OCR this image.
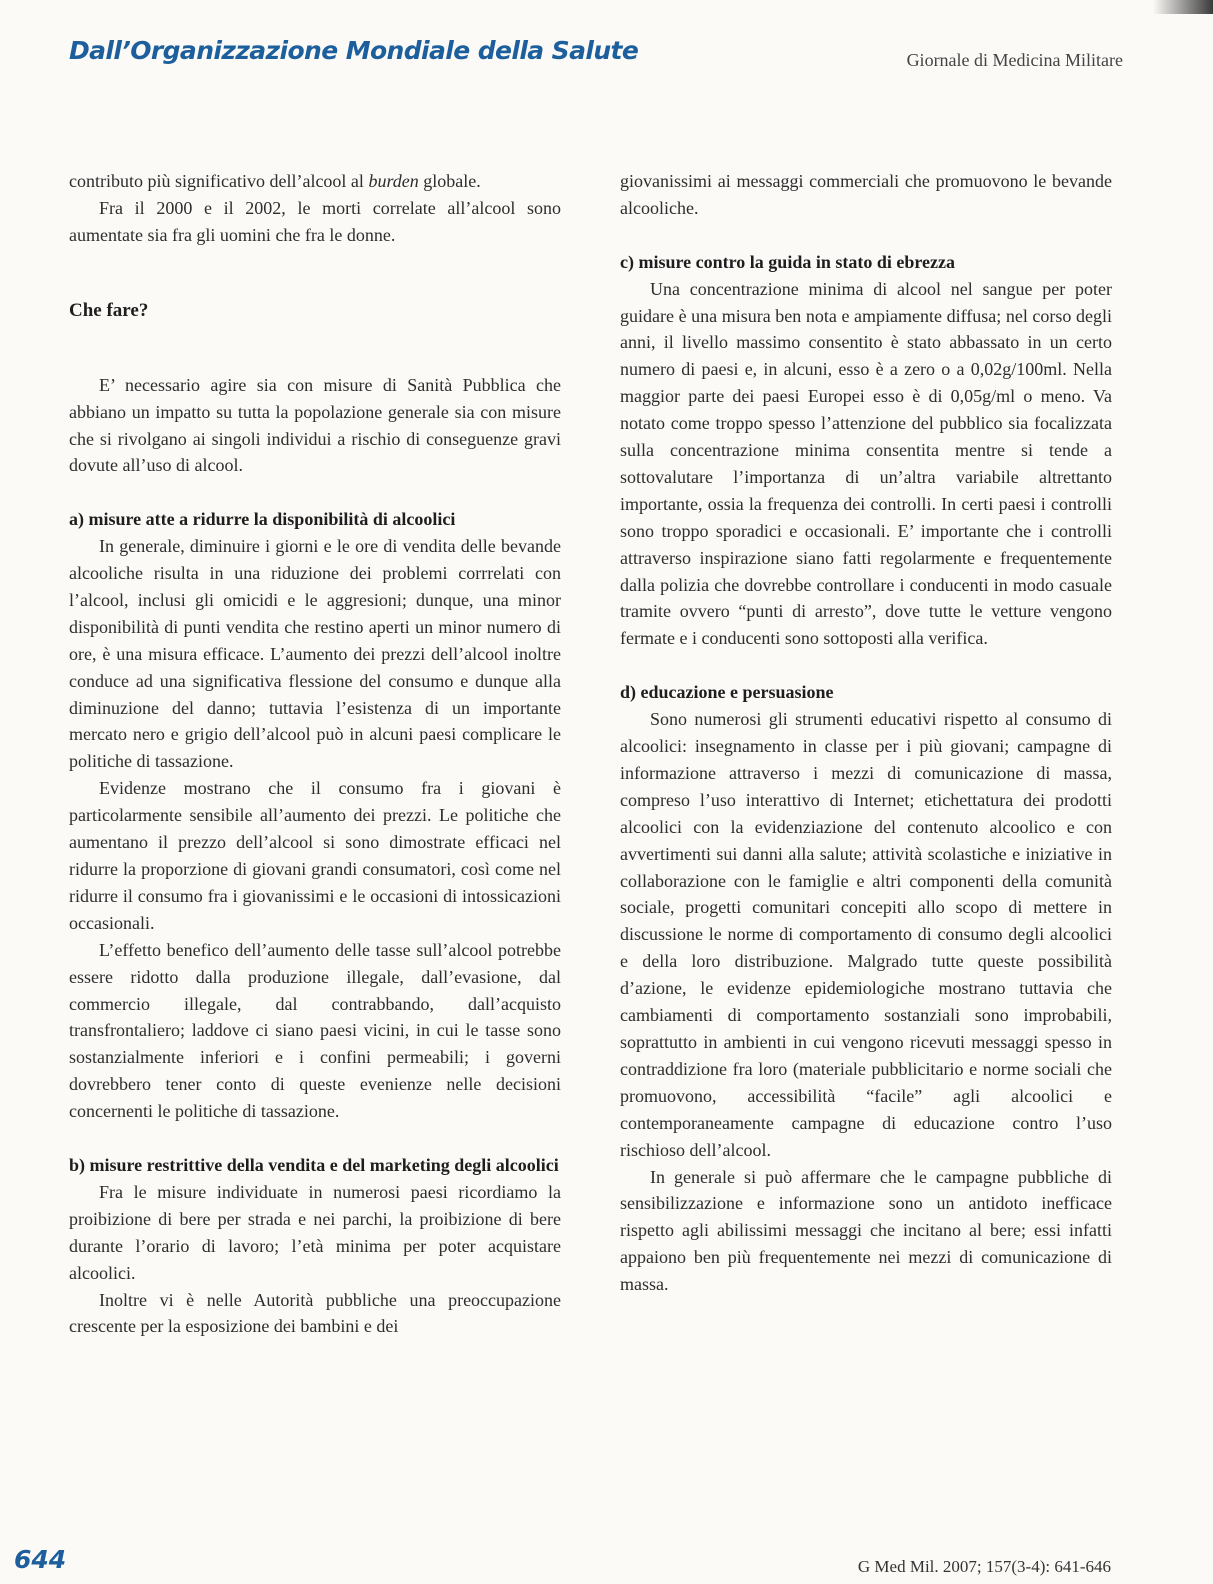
Dall’Organizzazione Mondiale della Salute	Giornale di Medicina Militare

contributo più significativo dell’alcool al burden globale.

Fra il 2000 e il 2002, le morti correlate all’alcool sono aumentate sia fra gli uomini che fra le donne.

Che fare?

E’ necessario agire sia con misure di Sanità Pubblica che abbiano un impatto su tutta la popolazione generale sia con misure che si rivolgano ai singoli individui a rischio di conseguenze gravi dovute all’uso di alcool.

a) misure atte a ridurre la disponibilità di alcoolici

In generale, diminuire i giorni e le ore di vendita delle bevande alcooliche risulta in una riduzione dei problemi corrrelati con l’alcool, inclusi gli omicidi e le aggresioni; dunque, una minor disponibilità di punti vendita che restino aperti un minor numero di ore, è una misura efficace. L’aumento dei prezzi dell’alcool inoltre conduce ad una significativa flessione del consumo e dunque alla diminuzione del danno; tuttavia l’esistenza di un importante mercato nero e grigio dell’alcool può in alcuni paesi complicare le politiche di tassazione.

Evidenze mostrano che il consumo fra i giovani è particolarmente sensibile all’aumento dei prezzi. Le politiche che aumentano il prezzo dell’alcool si sono dimostrate efficaci nel ridurre la proporzione di giovani grandi consumatori, così come nel ridurre il consumo fra i giovanissimi e le occasioni di intossicazioni occasionali.

L’effetto benefico dell’aumento delle tasse sull’alcool potrebbe essere ridotto dalla produzione illegale, dall’evasione, dal commercio illegale, dal contrabbando, dall’acquisto transfrontaliero; laddove ci siano paesi vicini, in cui le tasse sono sostanzialmente inferiori e i confini permeabili; i governi dovrebbero tener conto di queste evenienze nelle decisioni concernenti le politiche di tassazione.

b) misure restrittive della vendita e del marketing degli alcoolici

Fra le misure individuate in numerosi paesi ricordiamo la proibizione di bere per strada e nei parchi, la proibizione di bere durante l’orario di lavoro; l’età minima per poter acquistare alcoolici.

Inoltre vi è nelle Autorità pubbliche una preoccupazione crescente per la esposizione dei bambini e dei

giovanissimi ai messaggi commerciali che promuovono le bevande alcooliche.

c) misure contro la guida in stato di ebrezza

Una concentrazione minima di alcool nel sangue per poter guidare è una misura ben nota e ampiamente diffusa; nel corso degli anni, il livello massimo consentito è stato abbassato in un certo numero di paesi e, in alcuni, esso è a zero o a 0,02g/100ml. Nella maggior parte dei paesi Europei esso è di 0,05g/ml o meno. Va notato come troppo spesso l’attenzione del pubblico sia focalizzata sulla concentrazione minima consentita mentre si tende a sottovalutare l’importanza di un’altra variabile altrettanto importante, ossia la frequenza dei controlli. In certi paesi i controlli sono troppo sporadici e occasionali. E’ importante che i controlli attraverso inspirazione siano fatti regolarmente e frequentemente dalla polizia che dovrebbe controllare i conducenti in modo casuale tramite ovvero “punti di arresto”, dove tutte le vetture vengono fermate e i conducenti sono sottoposti alla verifica.

d) educazione e persuasione

Sono numerosi gli strumenti educativi rispetto al consumo di alcoolici: insegnamento in classe per i più giovani; campagne di informazione attraverso i mezzi di comunicazione di massa, compreso l’uso interattivo di Internet; etichettatura dei prodotti alcoolici con la evidenziazione del contenuto alcoolico e con avvertimenti sui danni alla salute; attività scolastiche e iniziative in collaborazione con le famiglie e altri componenti della comunità sociale, progetti comunitari concepiti allo scopo di mettere in discussione le norme di comportamento di consumo degli alcoolici e della loro distribuzione. Malgrado tutte queste possibilità d’azione, le evidenze epidemiologiche mostrano tuttavia che cambiamenti di comportamento sostanziali sono improbabili, soprattutto in ambienti in cui vengono ricevuti messaggi spesso in contraddizione fra loro (materiale pubblicitario e norme sociali che promuovono, accessibilità “facile” agli alcoolici e contemporaneamente campagne di educazione contro l’uso rischioso dell’alcool.

In generale si può affermare che le campagne pubbliche di sensibilizzazione e informazione sono un antidoto inefficace rispetto agli abilissimi messaggi che incitano al bere; essi infatti appaiono ben più frequentemente nei mezzi di comunicazione di massa.

644	G Med Mil. 2007; 157(3-4): 641-646
